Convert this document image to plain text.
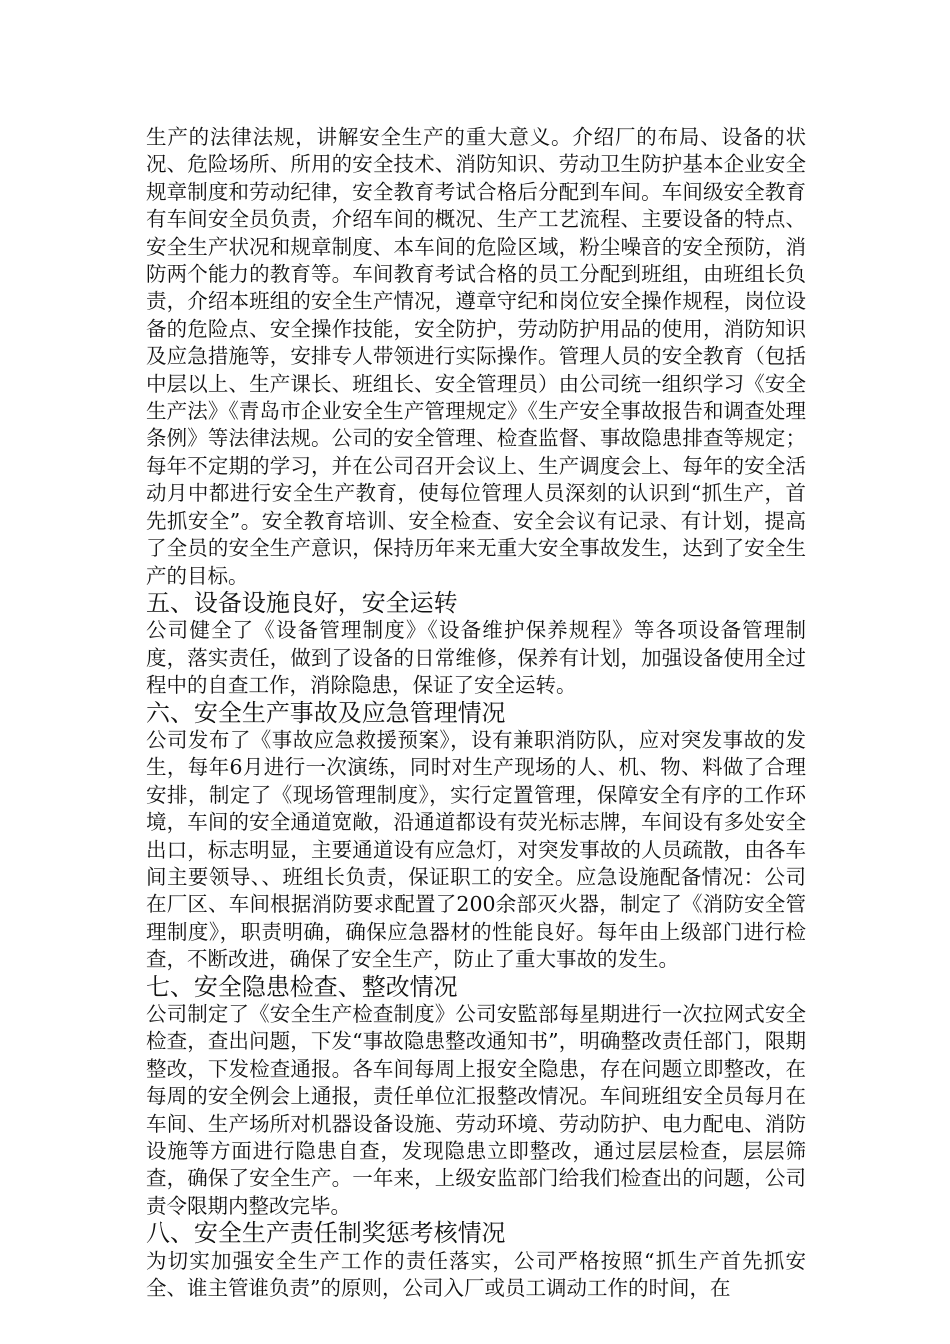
生产的法律法规，讲解安全生产的重大意义。介绍厂的布局、设备的状况、危险场所、所用的安全技术、消防知识、劳动卫生防护基本企业安全规章制度和劳动纪律，安全教育考试合格后分配到车间。车间级安全教育有车间安全员负责，介绍车间的概况、生产工艺流程、主要设备的特点、安全生产状况和规章制度、本车间的危险区域，粉尘噪音的安全预防，消防两个能力的教育等。车间教育考试合格的员工分配到班组，由班组长负责，介绍本班组的安全生产情况，遵章守纪和岗位安全操作规程，岗位设备的危险点、安全操作技能，安全防护，劳动防护用品的使用，消防知识及应急措施等，安排专人带领进行实际操作。管理人员的安全教育（包括中层以上、生产课长、班组长、安全管理员）由公司统一组织学习《安全生产法》《青岛市企业安全生产管理规定》《生产安全事故报告和调查处理条例》等法律法规。公司的安全管理、检查监督、事故隐患排查等规定；每年不定期的学习，并在公司召开会议上、生产调度会上、每年的安全活动月中都进行安全生产教育，使每位管理人员深刻的认识到“抓生产，首先抓安全”。安全教育培训、安全检查、安全会议有记录、有计划，提高了全员的安全生产意识，保持历年来无重大安全事故发生，达到了安全生产的目标。

五、设备设施良好，安全运转

公司健全了《设备管理制度》《设备维护保养规程》等各项设备管理制度，落实责任，做到了设备的日常维修，保养有计划，加强设备使用全过程中的自查工作，消除隐患，保证了安全运转。

六、安全生产事故及应急管理情况

公司发布了《事故应急救援预案》，设有兼职消防队，应对突发事故的发生，每年6月进行一次演练，同时对生产现场的人、机、物、料做了合理安排，制定了《现场管理制度》，实行定置管理，保障安全有序的工作环境，车间的安全通道宽敞，沿通道都设有荧光标志牌，车间设有多处安全出口，标志明显，主要通道设有应急灯，对突发事故的人员疏散，由各车间主要领导、、班组长负责，保证职工的安全。应急设施配备情况：公司在厂区、车间根据消防要求配置了200余部灭火器，制定了《消防安全管理制度》，职责明确，确保应急器材的性能良好。每年由上级部门进行检查，不断改进，确保了安全生产，防止了重大事故的发生。

七、安全隐患检查、整改情况

公司制定了《安全生产检查制度》公司安監部每星期进行一次拉网式安全检查，查出问题，下发“事故隐患整改通知书”，明确整改责任部门，限期整改，下发检查通报。各车间每周上报安全隐患，存在问题立即整改，在每周的安全例会上通报，责任单位汇报整改情况。车间班组安全员每月在车间、生产场所对机器设备设施、劳动环境、劳动防护、电力配电、消防设施等方面进行隐患自查，发现隐患立即整改，通过层层检查，层层筛查，确保了安全生产。一年来，上级安监部门给我们检查出的问题，公司责令限期内整改完毕。

八、安全生产责任制奖惩考核情况

为切实加强安全生产工作的责任落实，公司严格按照“抓生产首先抓安全、谁主管谁负责”的原则，公司入厂或员工调动工作的时间，在
